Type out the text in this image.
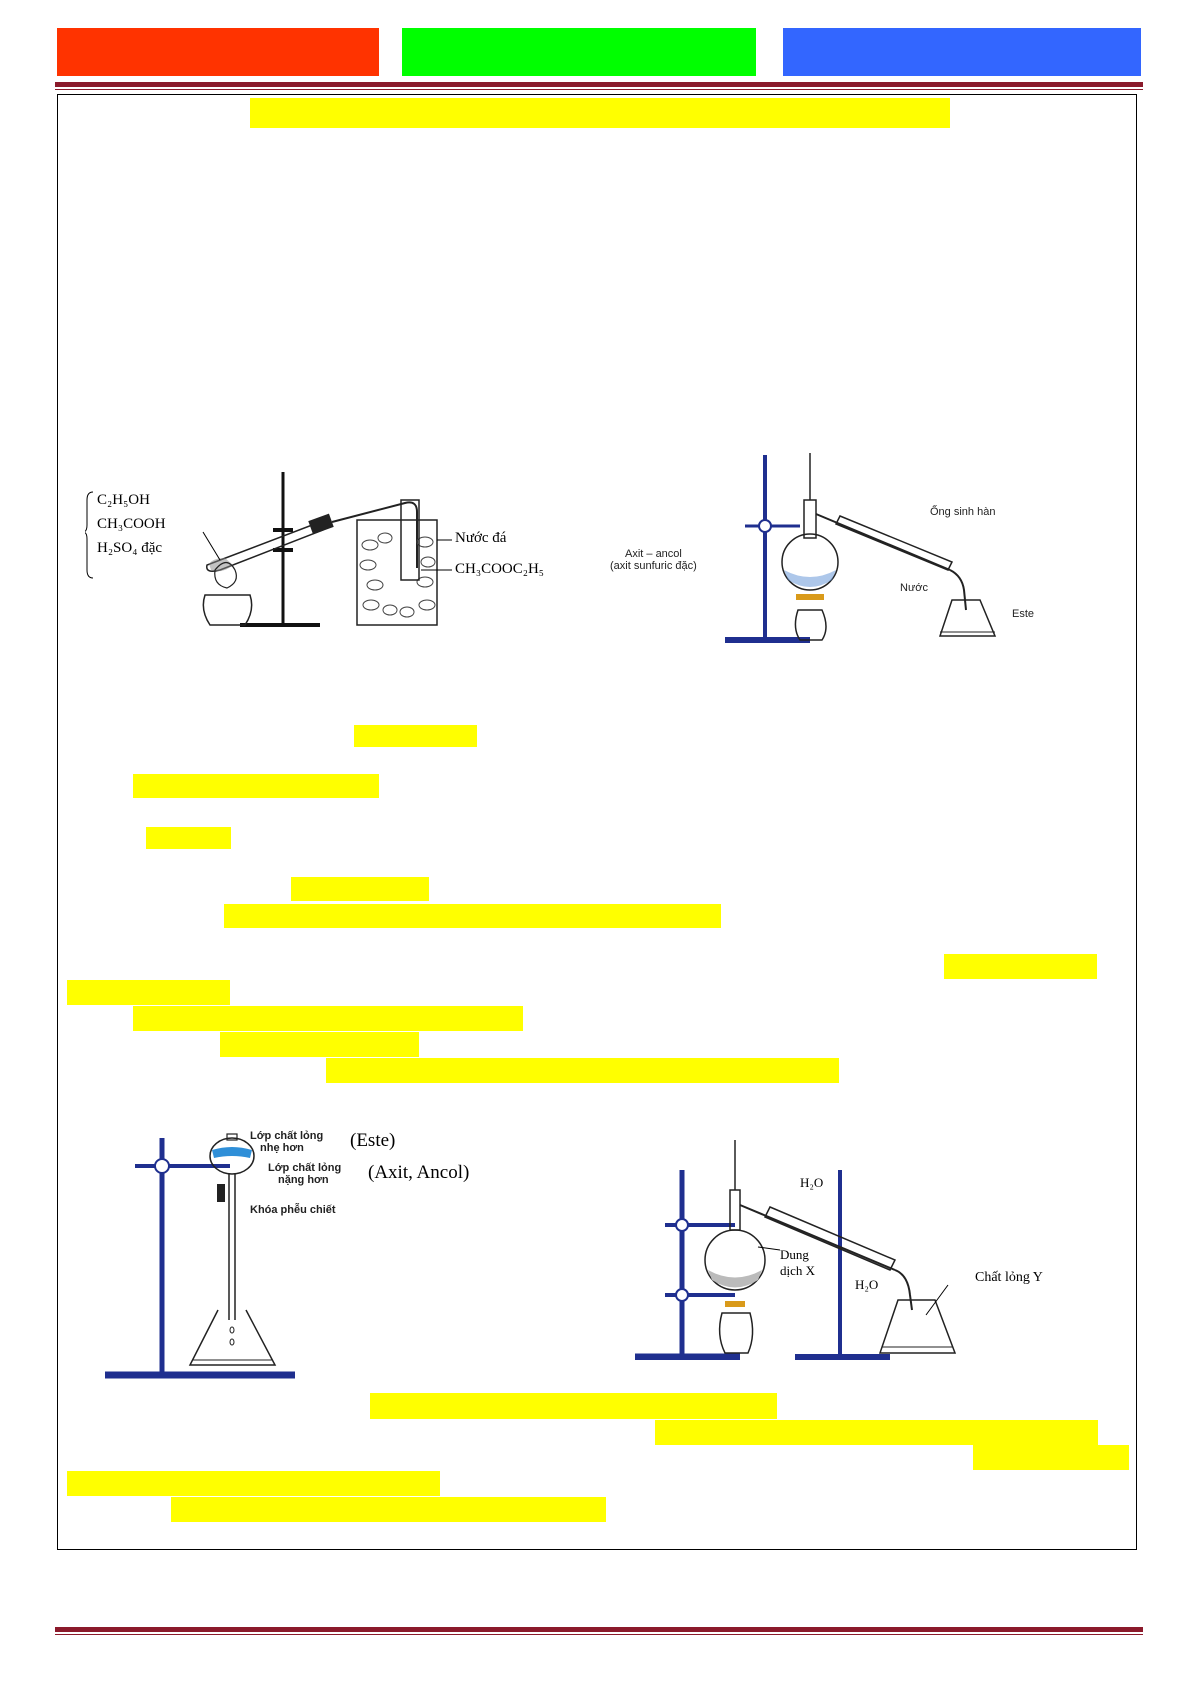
C₂H₅OH
CH₃COOH
H₂SO₄ đặc
Nước đá
CH₃COOC₂H₅
Ống sinh hàn
Axit – ancol
(axit sunfuric đặc)
Nước
Este
Lớp chất lỏng
nhẹ hơn (Este)
Lớp chất lỏng
nặng hơn (Axit, Ancol)
Khóa phễu chiết
H₂O
H₂O
Dung
dịch X	Chất lỏng Y
